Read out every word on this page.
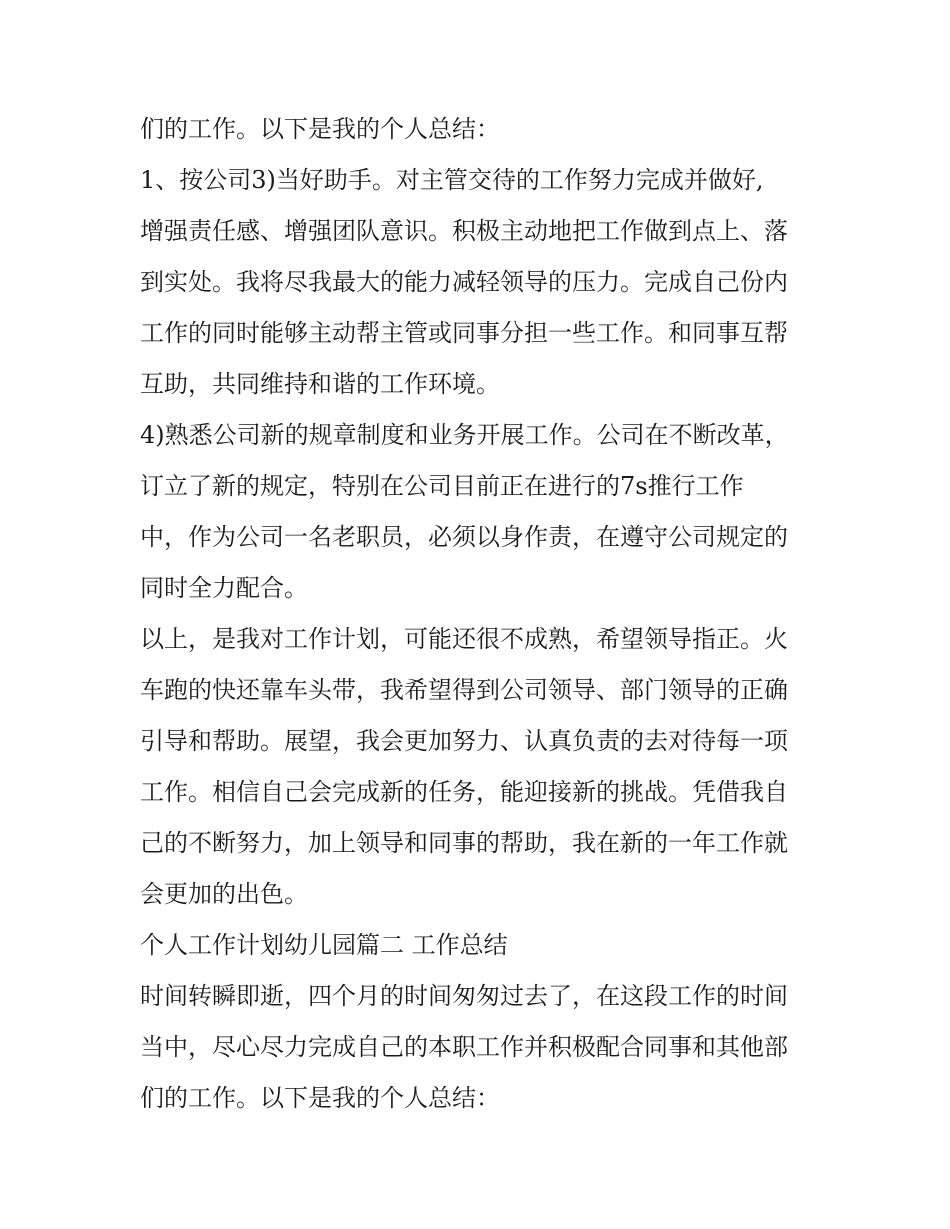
们的工作。以下是我的个人总结：

1、按公司3)当好助手。对主管交待的工作努力完成并做好,

增强责任感、增强团队意识。积极主动地把工作做到点上、落

到实处。我将尽我最大的能力减轻领导的压力。完成自己份内

工作的同时能够主动帮主管或同事分担一些工作。和同事互帮

互助，共同维持和谐的工作环境。

4)熟悉公司新的规章制度和业务开展工作。公司在不断改革，

订立了新的规定，特别在公司目前正在进行的7s推行工作

中，作为公司一名老职员，必须以身作责，在遵守公司规定的

同时全力配合。

以上，是我对工作计划，可能还很不成熟，希望领导指正。火

车跑的快还靠车头带，我希望得到公司领导、部门领导的正确

引导和帮助。展望，我会更加努力、认真负责的去对待每一项

工作。相信自己会完成新的任务，能迎接新的挑战。凭借我自

己的不断努力，加上领导和同事的帮助，我在新的一年工作就

会更加的出色。

个人工作计划幼儿园篇二 工作总结

时间转瞬即逝，四个月的时间匆匆过去了，在这段工作的时间

当中，尽心尽力完成自己的本职工作并积极配合同事和其他部

们的工作。以下是我的个人总结：
